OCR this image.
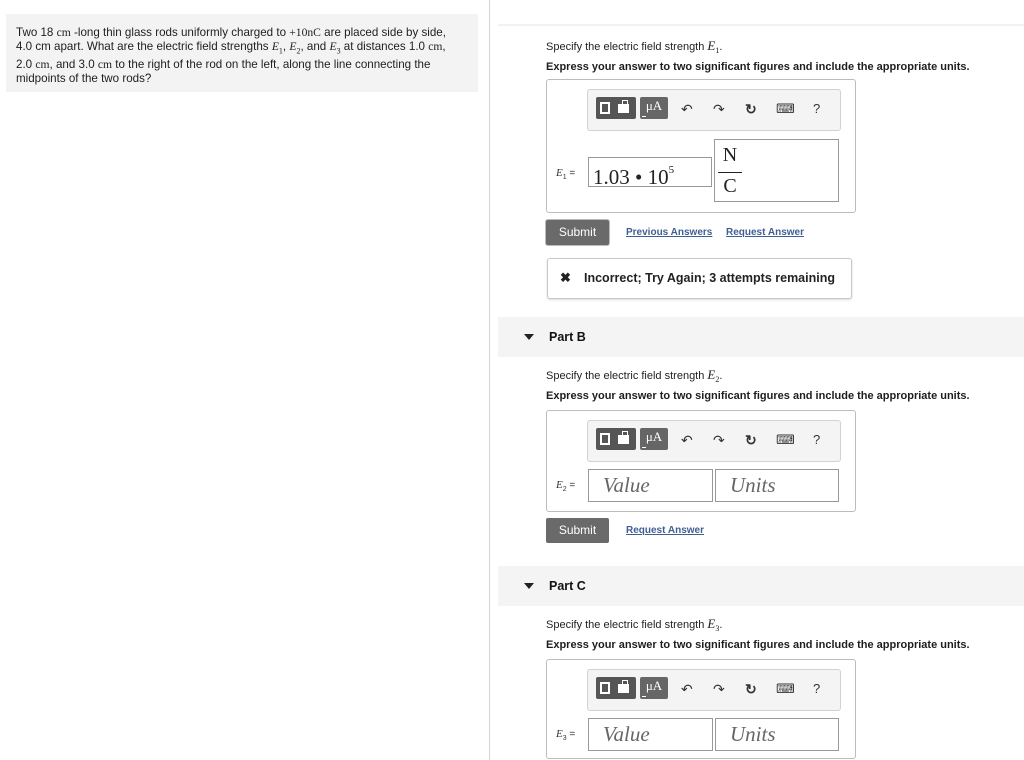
Two 18 cm -long thin glass rods uniformly charged to +10nC are placed side by side,
4.0 cm apart. What are the electric field strengths $E_1$, $E_2$, and $E_3$ at distances 1.0 cm,
2.0 cm, and 3.0 cm to the right of the rod on the left, along the line connecting the
midpoints of the two rods?
Specify the electric field strength $E_1$.
Express your answer to two significant figures and include the appropriate units.
μA	↶ ↷ ↻ ⌨ ?
$E_1 = 1.03$ • $10^5$
N
C
Submit	Previous Answers Request Answer
✖ Incorrect; Try Again; 3 attempts remaining
Part B
Specify the electric field strength $E_2$.
Express your answer to two significant figures and include the appropriate units.
μA	↶ ↷ ↻ ⌨ ?
$E_2$ =	Value	Units
Submit	Request Answer
Part C
Specify the electric field strength $E_3$.
Express your answer to two significant figures and include the appropriate units.
μA	↶ ↷ ↻ ⌨ ?
$E_3$ =	Value	Units
